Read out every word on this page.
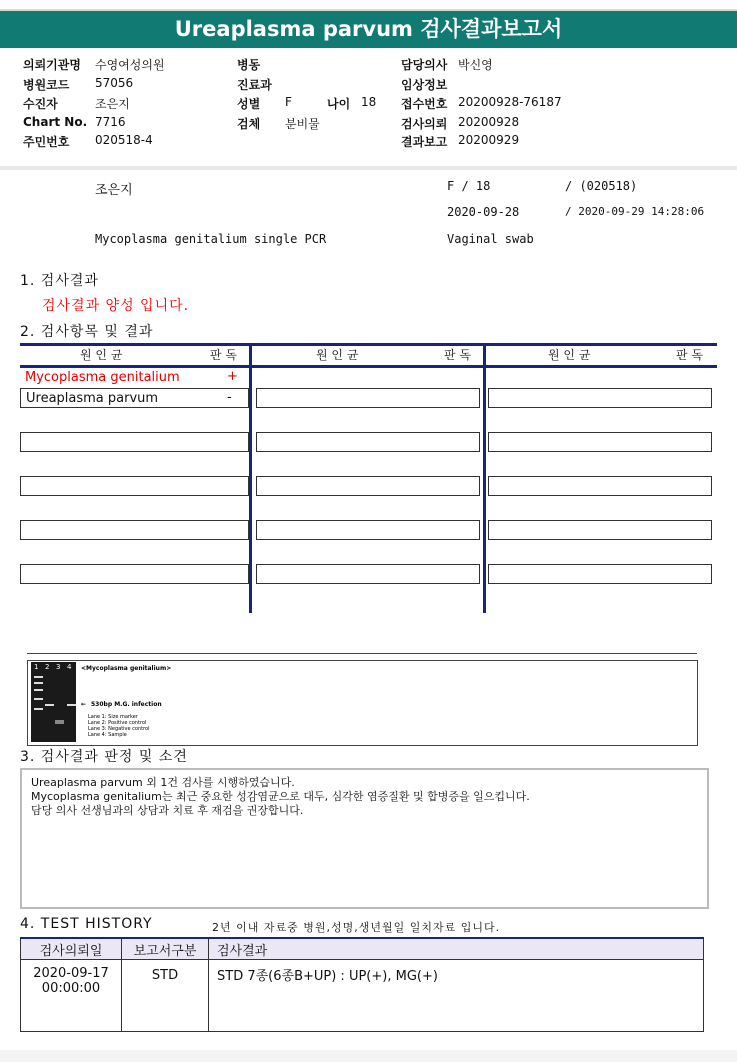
Ureaplasma parvum 검사결과보고서
의뢰기관명 수영여성의원
병원코드 57056
수진자	조은지
Chart No. 7716
주민번호 020518-4
병동
진료과
성별 F	나이 18
검체 분비물
담당의사 박신영
임상정보
접수번호 20200928-76187
검사의뢰 20200928
결과보고 20200929
조은지	F / 18	/ (020518)
2020-09-28	/ 2020-09-29 14:28:06
Mycoplasma genitalium single PCR	Vaginal swab
1. 검사결과
검사결과 양성 입니다.
2. 검사항목 및 결과
원 인 균	판 독	원 인 균	판 독	원 인 균	판 독
Mycoplasma genitalium	+
Ureaplasma parvum	-
1 2 3 4 <Mycoplasma genitalium>
← 530bp M.G. infection
Lane 1: Size marker
Lane 2: Positive control
Lane 3: Negative control
Lane 4: Sample
3. 검사결과 판정 및 소견
Ureaplasma parvum 외 1건 검사를 시행하였습니다.
Mycoplasma genitalium는 최근 중요한 성감염균으로 대두, 심각한 염증질환 및 합병증을 일으킵니다.
담당 의사 선생님과의 상담과 치료 후 재검을 권장합니다.
4. TEST HISTORY	2년 이내 자료중 병원,성명,생년월일 일치자료 입니다.
검사의뢰일	보고서구분	검사결과

2020-09-17
00:00:00	STD	STD 7종(6종B+UP) : UP(+), MG(+)
